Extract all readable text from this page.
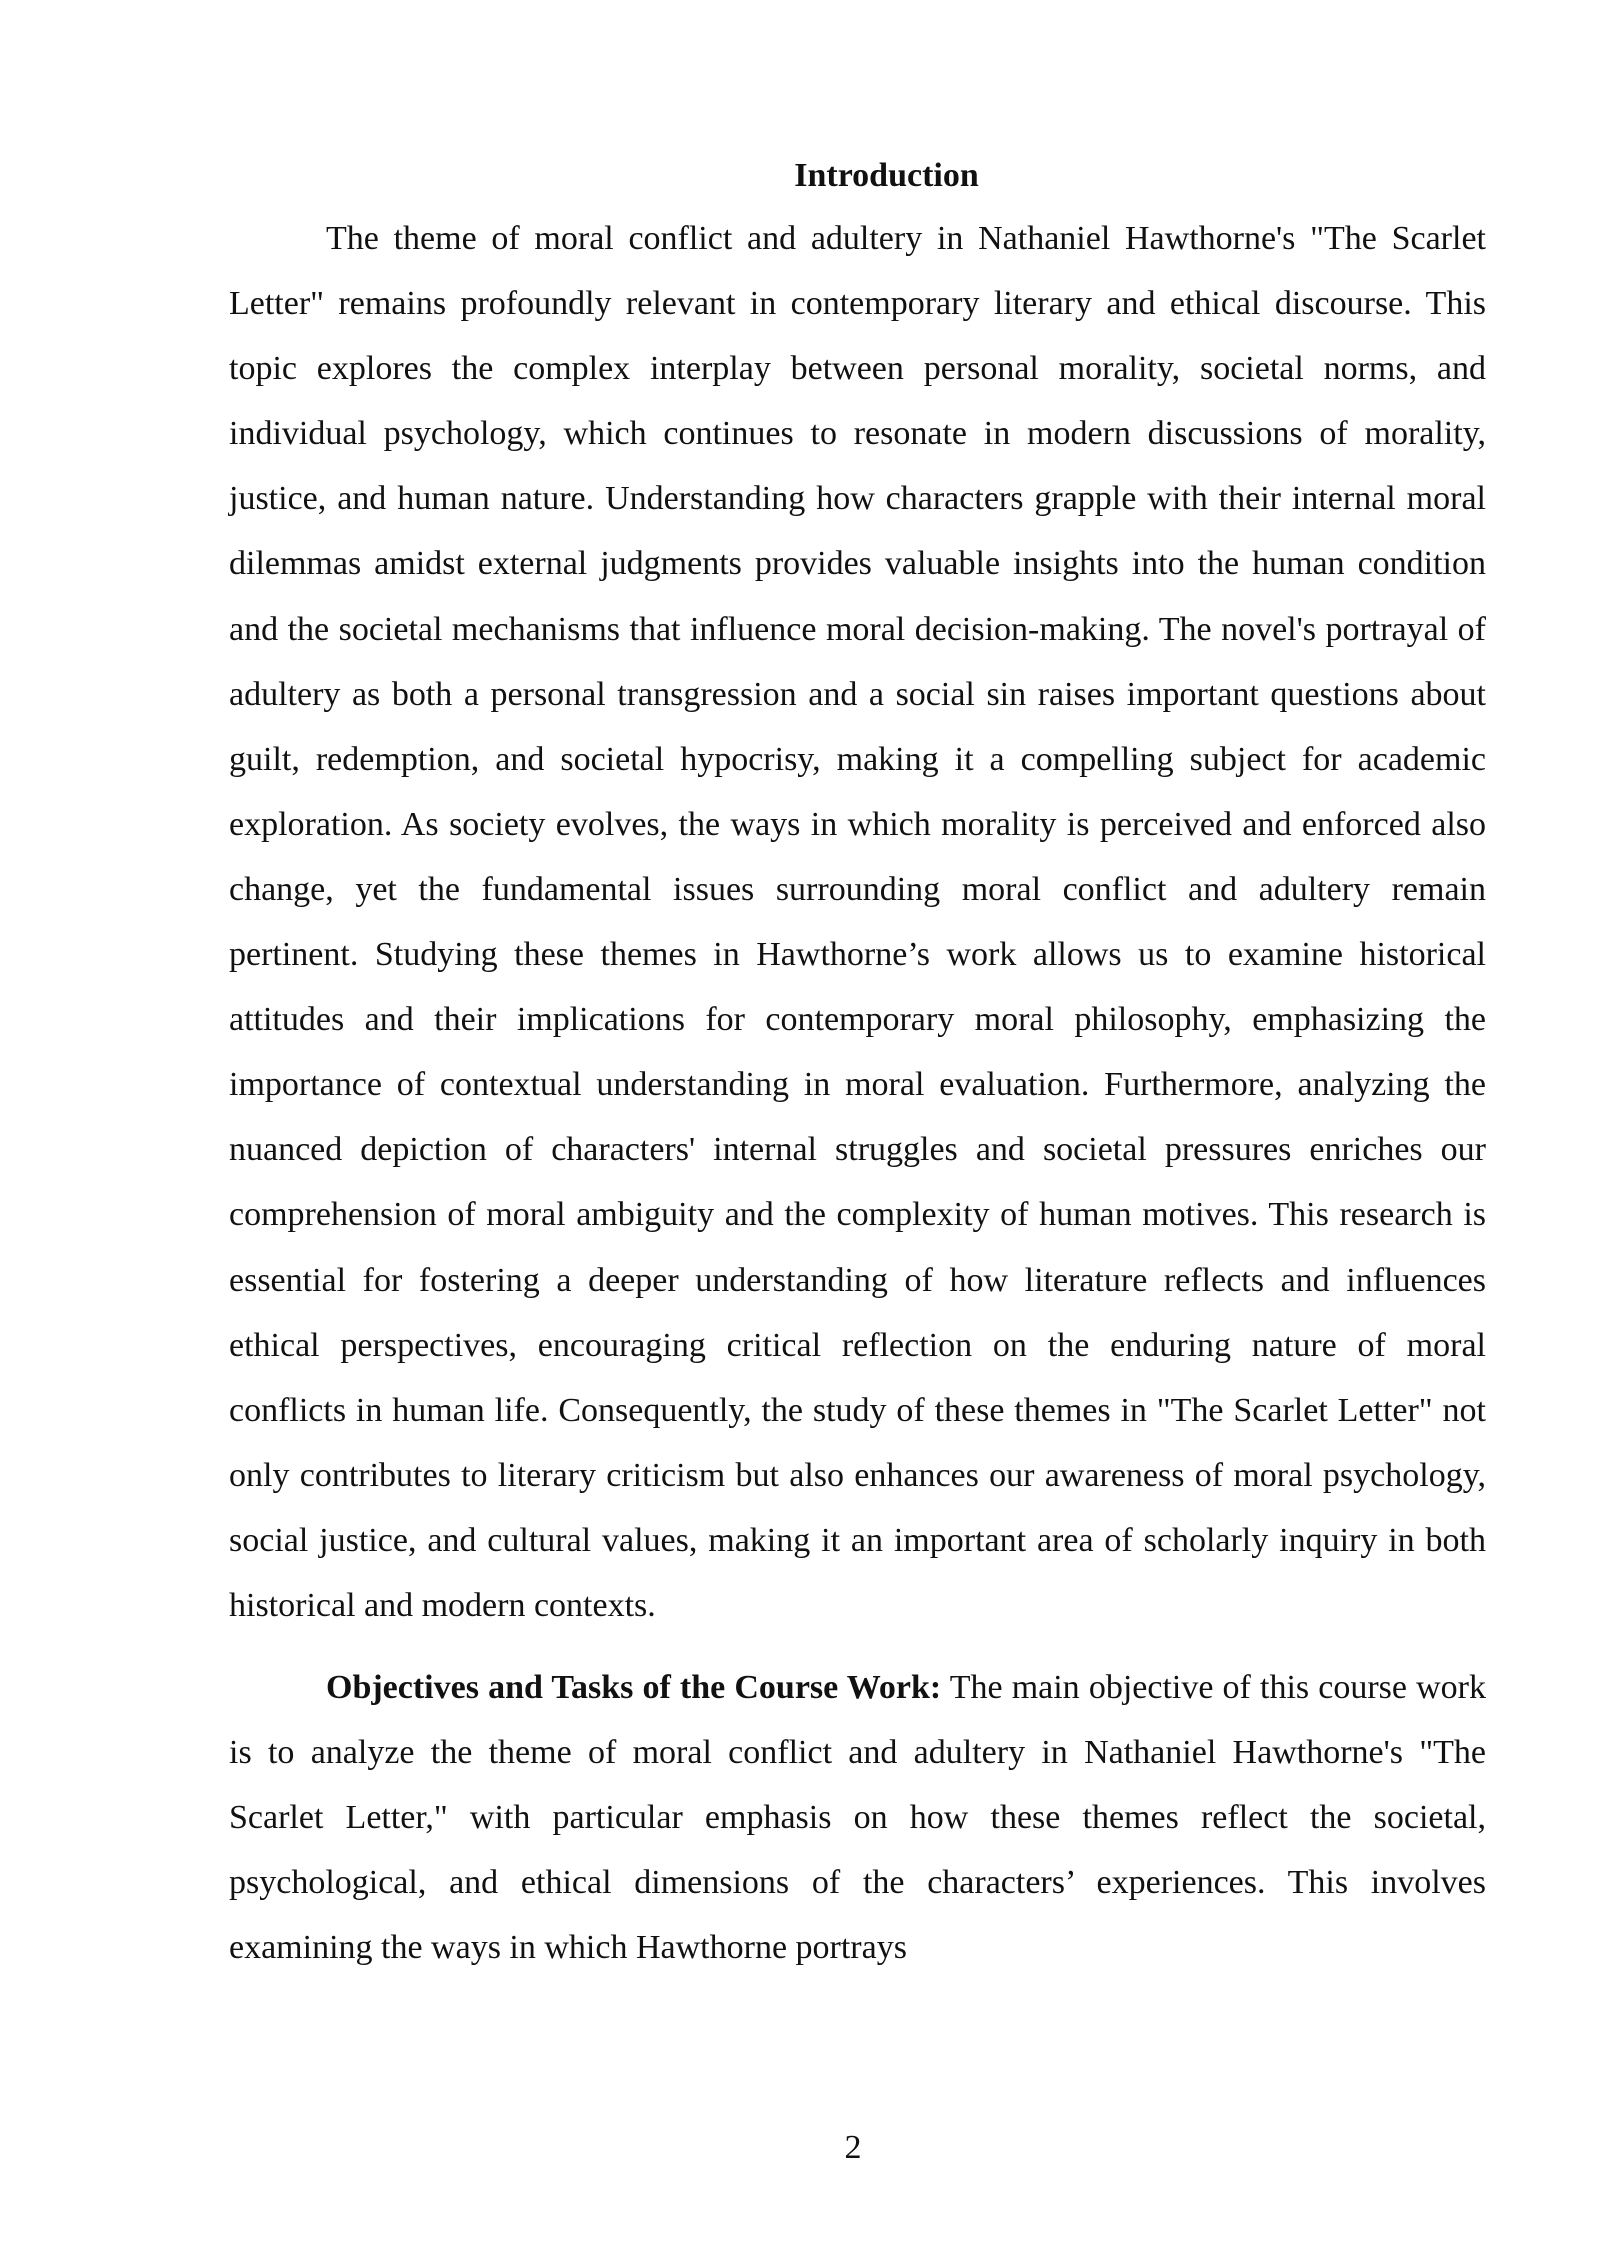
Introduction

The theme of moral conflict and adultery in Nathaniel Hawthorne's "The Scarlet Letter" remains profoundly relevant in contemporary literary and ethical discourse. This topic explores the complex interplay between personal morality, societal norms, and individual psychology, which continues to resonate in modern discussions of morality, justice, and human nature. Understanding how characters grapple with their internal moral dilemmas amidst external judgments provides valuable insights into the human condition and the societal mechanisms that influence moral decision-making. The novel's portrayal of adultery as both a personal transgression and a social sin raises important questions about guilt, redemption, and societal hypocrisy, making it a compelling subject for academic exploration. As society evolves, the ways in which morality is perceived and enforced also change, yet the fundamental issues surrounding moral conflict and adultery remain pertinent. Studying these themes in Hawthorne’s work allows us to examine historical attitudes and their implications for contemporary moral philosophy, emphasizing the importance of contextual understanding in moral evaluation. Furthermore, analyzing the nuanced depiction of characters' internal struggles and societal pressures enriches our comprehension of moral ambiguity and the complexity of human motives. This research is essential for fostering a deeper understanding of how literature reflects and influences ethical perspectives, encouraging critical reflection on the enduring nature of moral conflicts in human life. Consequently, the study of these themes in "The Scarlet Letter" not only contributes to literary criticism but also enhances our awareness of moral psychology, social justice, and cultural values, making it an important area of scholarly inquiry in both historical and modern contexts.

Objectives and Tasks of the Course Work: The main objective of this course work is to analyze the theme of moral conflict and adultery in Nathaniel Hawthorne's "The Scarlet Letter," with particular emphasis on how these themes reflect the societal, psychological, and ethical dimensions of the characters’ experiences. This involves examining the ways in which Hawthorne portrays

2
